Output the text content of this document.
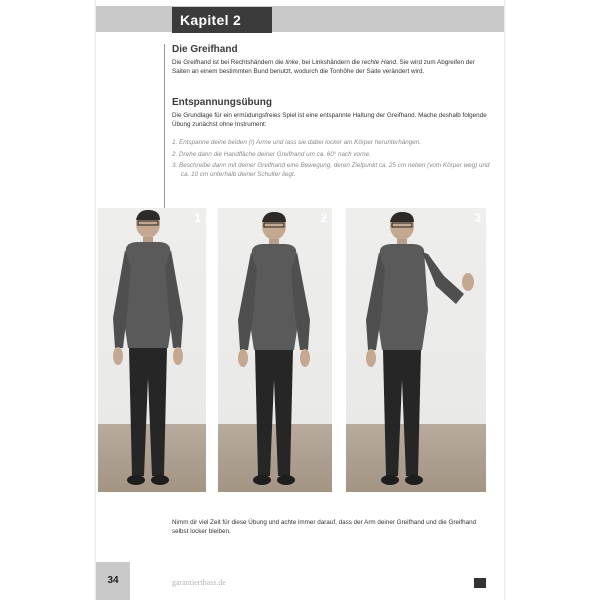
Kapitel 2
Die Greifhand
Die Greifhand ist bei Rechtshändern die linke, bei Linkshändern die rechte Hand. Sie wird zum Abgreifen der Saiten an einem bestimmten Bund benutzt, wodurch die Tonhöhe der Saite verändert wird.
Entspannungsübung
Die Grundlage für ein ermüdungsfreies Spiel ist eine entspannte Haltung der Greifhand. Mache deshalb folgende Übung zunächst ohne Instrument:
1. Entspanne deine beiden (!) Arme und lass sie dabei locker am Körper herunterhängen.
2. Drehe dann die Handfläche deiner Greifhand um ca. 60° nach vorne.
3. Beschreibe dann mit deiner Greifhand eine Bewegung, deren Zielpunkt ca. 25 cm neben (vom Körper weg) und ca. 10 cm unterhalb deiner Schulter liegt.
1	2	3
Nimm dir viel Zeit für diese Übung und achte immer darauf, dass der Arm deiner Greifhand und die Greifhand selbst locker bleiben.
34	garantiertbass.de
